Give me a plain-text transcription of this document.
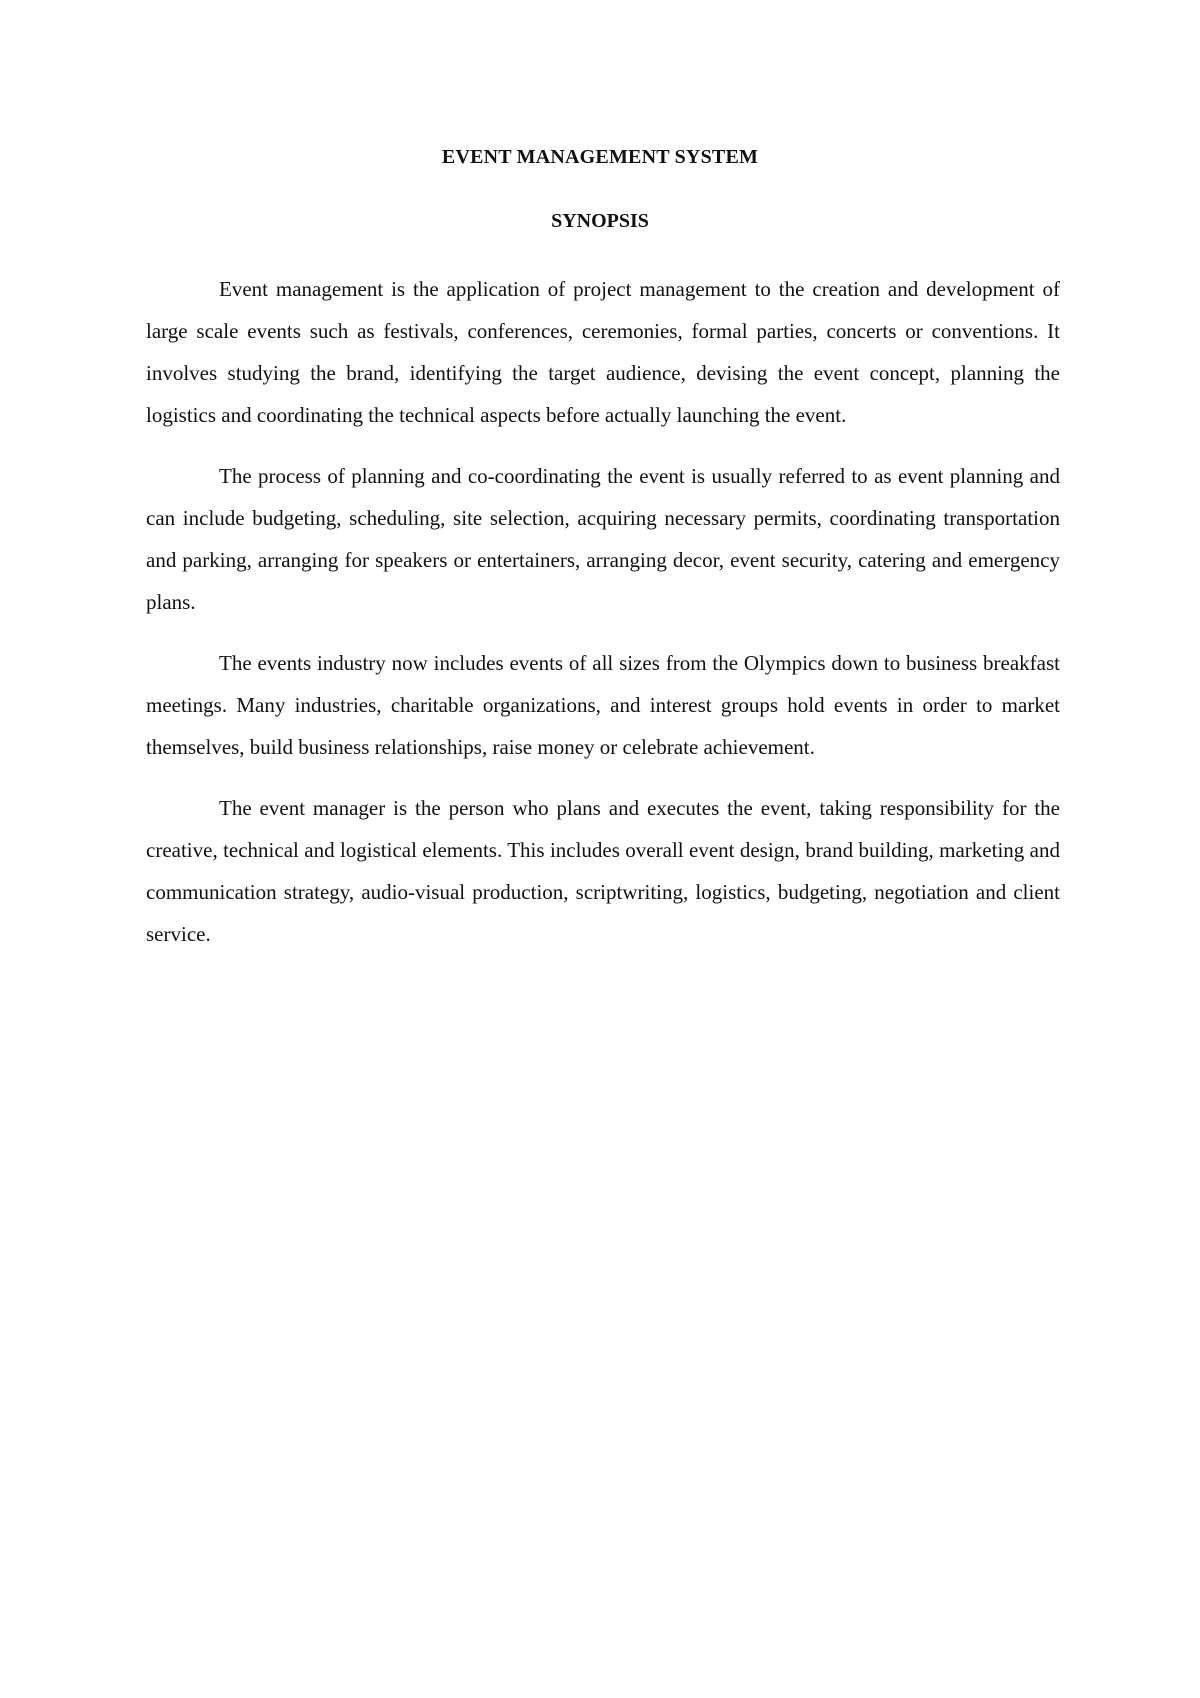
EVENT MANAGEMENT SYSTEM
SYNOPSIS

Event management is the application of project management to the creation and development of large scale events such as festivals, conferences, ceremonies, formal parties, concerts or conventions. It involves studying the brand, identifying the target audience, devising the event concept, planning the logistics and coordinating the technical aspects before actually launching the event.

The process of planning and co-coordinating the event is usually referred to as event planning and can include budgeting, scheduling, site selection, acquiring necessary permits, coordinating transportation and parking, arranging for speakers or entertainers, arranging decor, event security, catering and emergency plans.

The events industry now includes events of all sizes from the Olympics down to business breakfast meetings. Many industries, charitable organizations, and interest groups hold events in order to market themselves, build business relationships, raise money or celebrate achievement.

The event manager is the person who plans and executes the event, taking responsibility for the creative, technical and logistical elements. This includes overall event design, brand building, marketing and communication strategy, audio-visual production, scriptwriting, logistics, budgeting, negotiation and client service.
